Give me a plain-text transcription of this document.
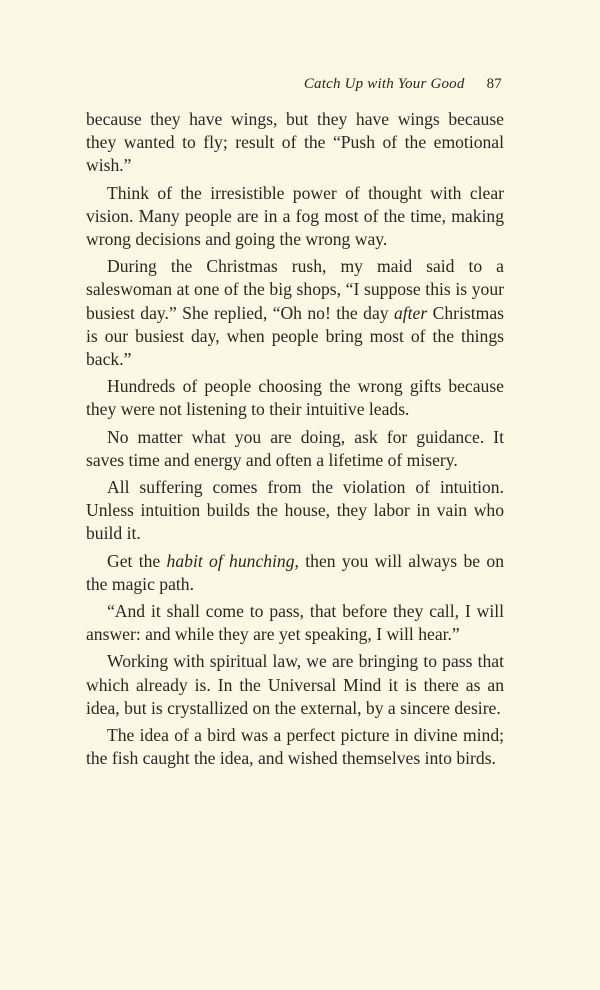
Catch Up with Your Good 87

because they have wings, but they have wings because they wanted to fly; result of the “Push of the emotional wish.”

Think of the irresistible power of thought with clear vision. Many people are in a fog most of the time, making wrong decisions and going the wrong way.

During the Christmas rush, my maid said to a saleswoman at one of the big shops, “I suppose this is your busiest day.” She replied, “Oh no! the day after Christmas is our busiest day, when people bring most of the things back.”

Hundreds of people choosing the wrong gifts because they were not listening to their intuitive leads.

No matter what you are doing, ask for guidance. It saves time and energy and often a lifetime of misery.

All suffering comes from the violation of intuition. Unless intuition builds the house, they labor in vain who build it.

Get the habit of hunching, then you will always be on the magic path.

“And it shall come to pass, that before they call, I will answer: and while they are yet speaking, I will hear.”

Working with spiritual law, we are bringing to pass that which already is. In the Universal Mind it is there as an idea, but is crystallized on the external, by a sincere desire.

The idea of a bird was a perfect picture in divine mind; the fish caught the idea, and wished themselves into birds.
